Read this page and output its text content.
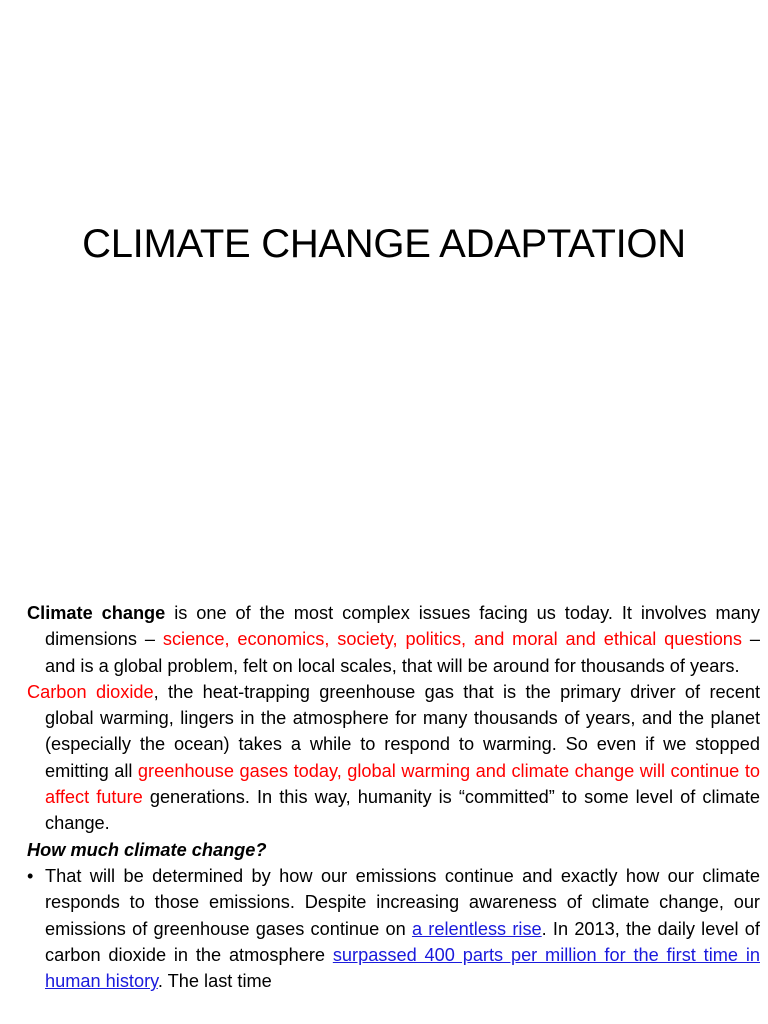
CLIMATE CHANGE ADAPTATION

Climate change is one of the most complex issues facing us today. It involves many dimensions – science, economics, society, politics, and moral and ethical questions – and is a global problem, felt on local scales, that will be around for thousands of years.

Carbon dioxide, the heat-trapping greenhouse gas that is the primary driver of recent global warming, lingers in the atmosphere for many thousands of years, and the planet (especially the ocean) takes a while to respond to warming. So even if we stopped emitting all greenhouse gases today, global warming and climate change will continue to affect future generations. In this way, humanity is “committed” to some level of climate change.

How much climate change?

• That will be determined by how our emissions continue and exactly how our climate responds to those emissions. Despite increasing awareness of climate change, our emissions of greenhouse gases continue on a relentless rise. In 2013, the daily level of carbon dioxide in the atmosphere surpassed 400 parts per million for the first time in human history. The last time
